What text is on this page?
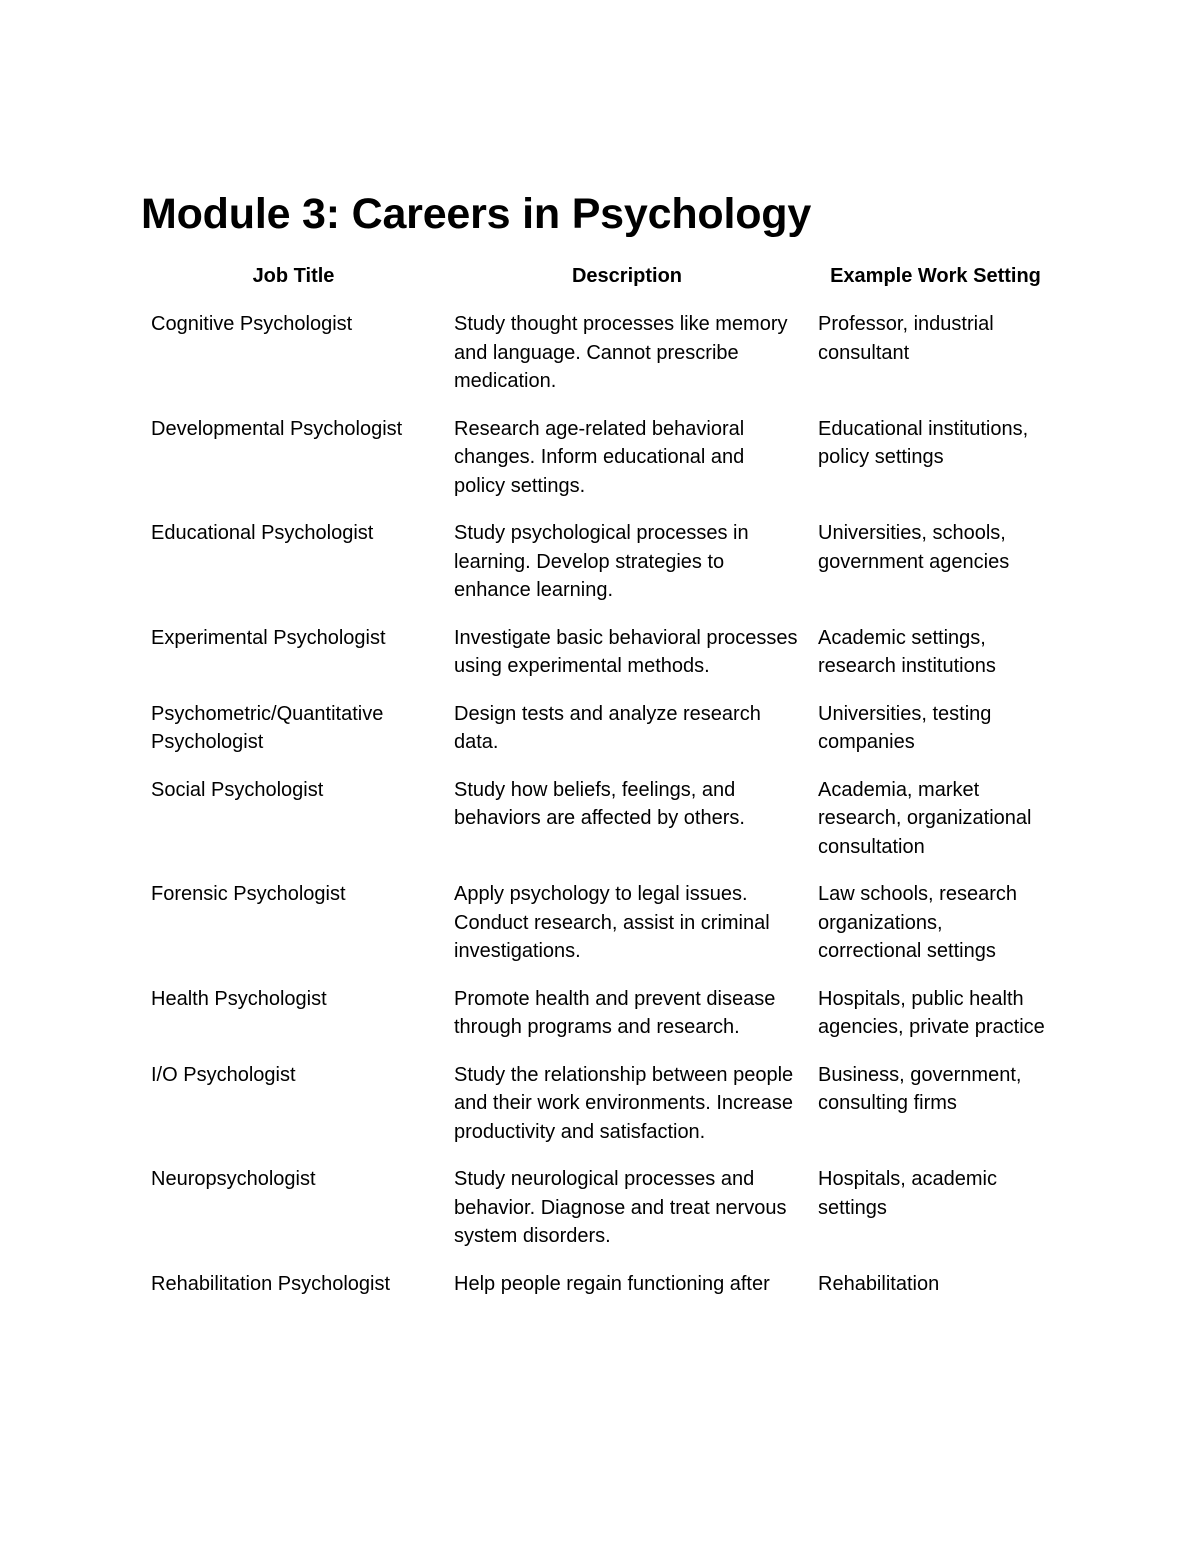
Module 3: Careers in Psychology
Job Title	Description	Example Work Setting
Cognitive Psychologist	Study thought processes like memory and language. Cannot prescribe medication.	Professor, industrial consultant
Developmental Psychologist	Research age-related behavioral changes. Inform educational and policy settings.	Educational institutions, policy settings
Educational Psychologist	Study psychological processes in learning. Develop strategies to enhance learning.	Universities, schools, government agencies
Experimental Psychologist	Investigate basic behavioral processes using experimental methods.	Academic settings, research institutions
Psychometric/Quantitative Psychologist	Design tests and analyze research data.	Universities, testing companies
Social Psychologist	Study how beliefs, feelings, and behaviors are affected by others.	Academia, market research, organizational consultation
Forensic Psychologist	Apply psychology to legal issues. Conduct research, assist in criminal investigations.	Law schools, research organizations, correctional settings
Health Psychologist	Promote health and prevent disease through programs and research.	Hospitals, public health agencies, private practice
I/O Psychologist	Study the relationship between people and their work environments. Increase productivity and satisfaction.	Business, government, consulting firms
Neuropsychologist	Study neurological processes and behavior. Diagnose and treat nervous system disorders.	Hospitals, academic settings
Rehabilitation Psychologist	Help people regain functioning after	Rehabilitation
